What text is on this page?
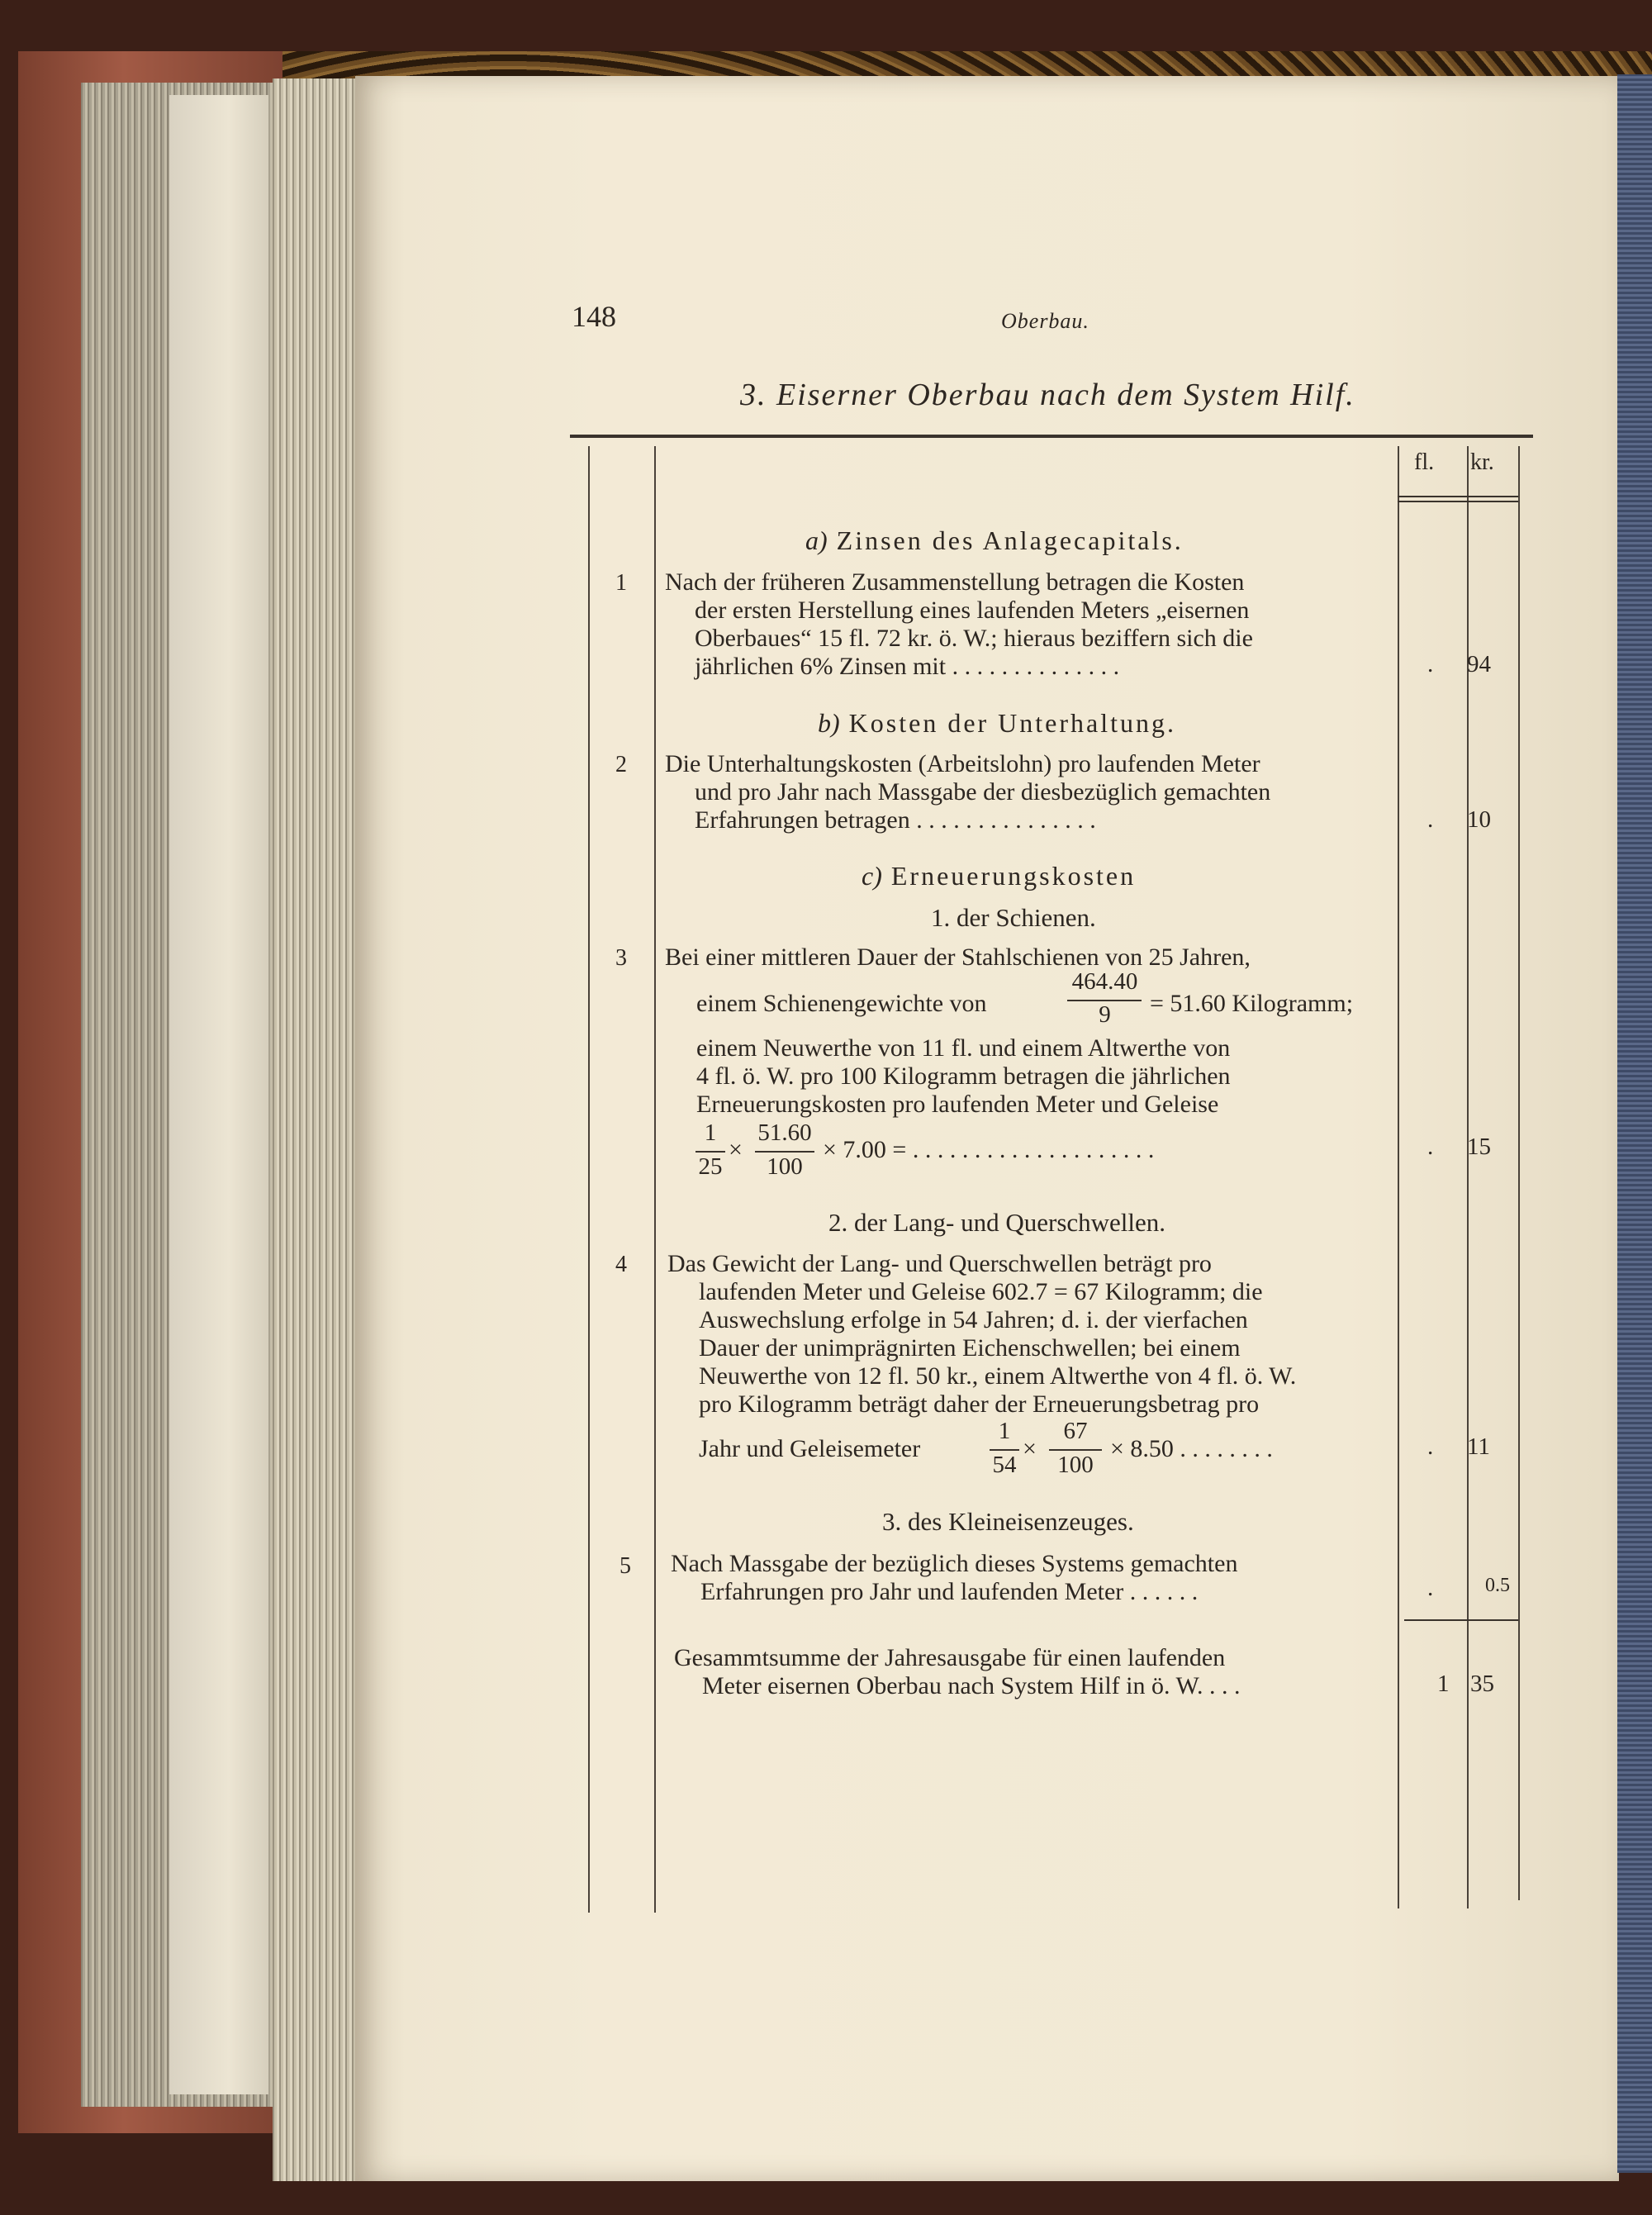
148	Oberbau.
3. Eiserner Oberbau nach dem System Hilf.
fl. kr.
a) Zinsen des Anlagecapitals.
1 Nach der früheren Zusammenstellung betragen die Kosten
der ersten Herstellung eines laufenden Meters „eisernen
Oberbaues“ 15 fl. 72 kr. ö. W.; hieraus beziffern sich die
jährlichen 6% Zinsen mit . . . . . . . . . . . . . .	. 94
b) Kosten der Unterhaltung.
2 Die Unterhaltungskosten (Arbeitslohn) pro laufenden Meter
und pro Jahr nach Massgabe der diesbezüglich gemachten
Erfahrungen betragen . . . . . . . . . . . . . . .	. 10
c) Erneuerungskosten
1. der Schienen.
3 Bei einer mittleren Dauer der Stahlschienen von 25 Jahren,
einem Schienengewichte von
464.40
9	= 51.60 Kilogramm;
einem Neuwerthe von 11 fl. und einem Altwerthe von
4 fl. ö. W. pro 100 Kilogramm betragen die jährlichen
Erneuerungskosten pro laufenden Meter und Geleise
1
25
×
51.60
100
× 7.00 = . . . . . . . . . . . . . . . . . . . .	. 15
2. der Lang- und Querschwellen.
4 Das Gewicht der Lang- und Querschwellen beträgt pro
laufenden Meter und Geleise 602.7 = 67 Kilogramm; die
Auswechslung erfolge in 54 Jahren; d. i. der vierfachen
Dauer der unimprägnirten Eichenschwellen; bei einem
Neuwerthe von 12 fl. 50 kr., einem Altwerthe von 4 fl. ö. W.
pro Kilogramm beträgt daher der Erneuerungsbetrag pro
Jahr und Geleisemeter
1
54
×
67
100
× 8.50 . . . . . . . .	. 11
3. des Kleineisenzeuges.
5 Nach Massgabe der bezüglich dieses Systems gemachten
Erfahrungen pro Jahr und laufenden Meter . . . . . .	.	0.5
Gesammtsumme der Jahresausgabe für einen laufenden
Meter eisernen Oberbau nach System Hilf in ö. W. . . .	1 35
